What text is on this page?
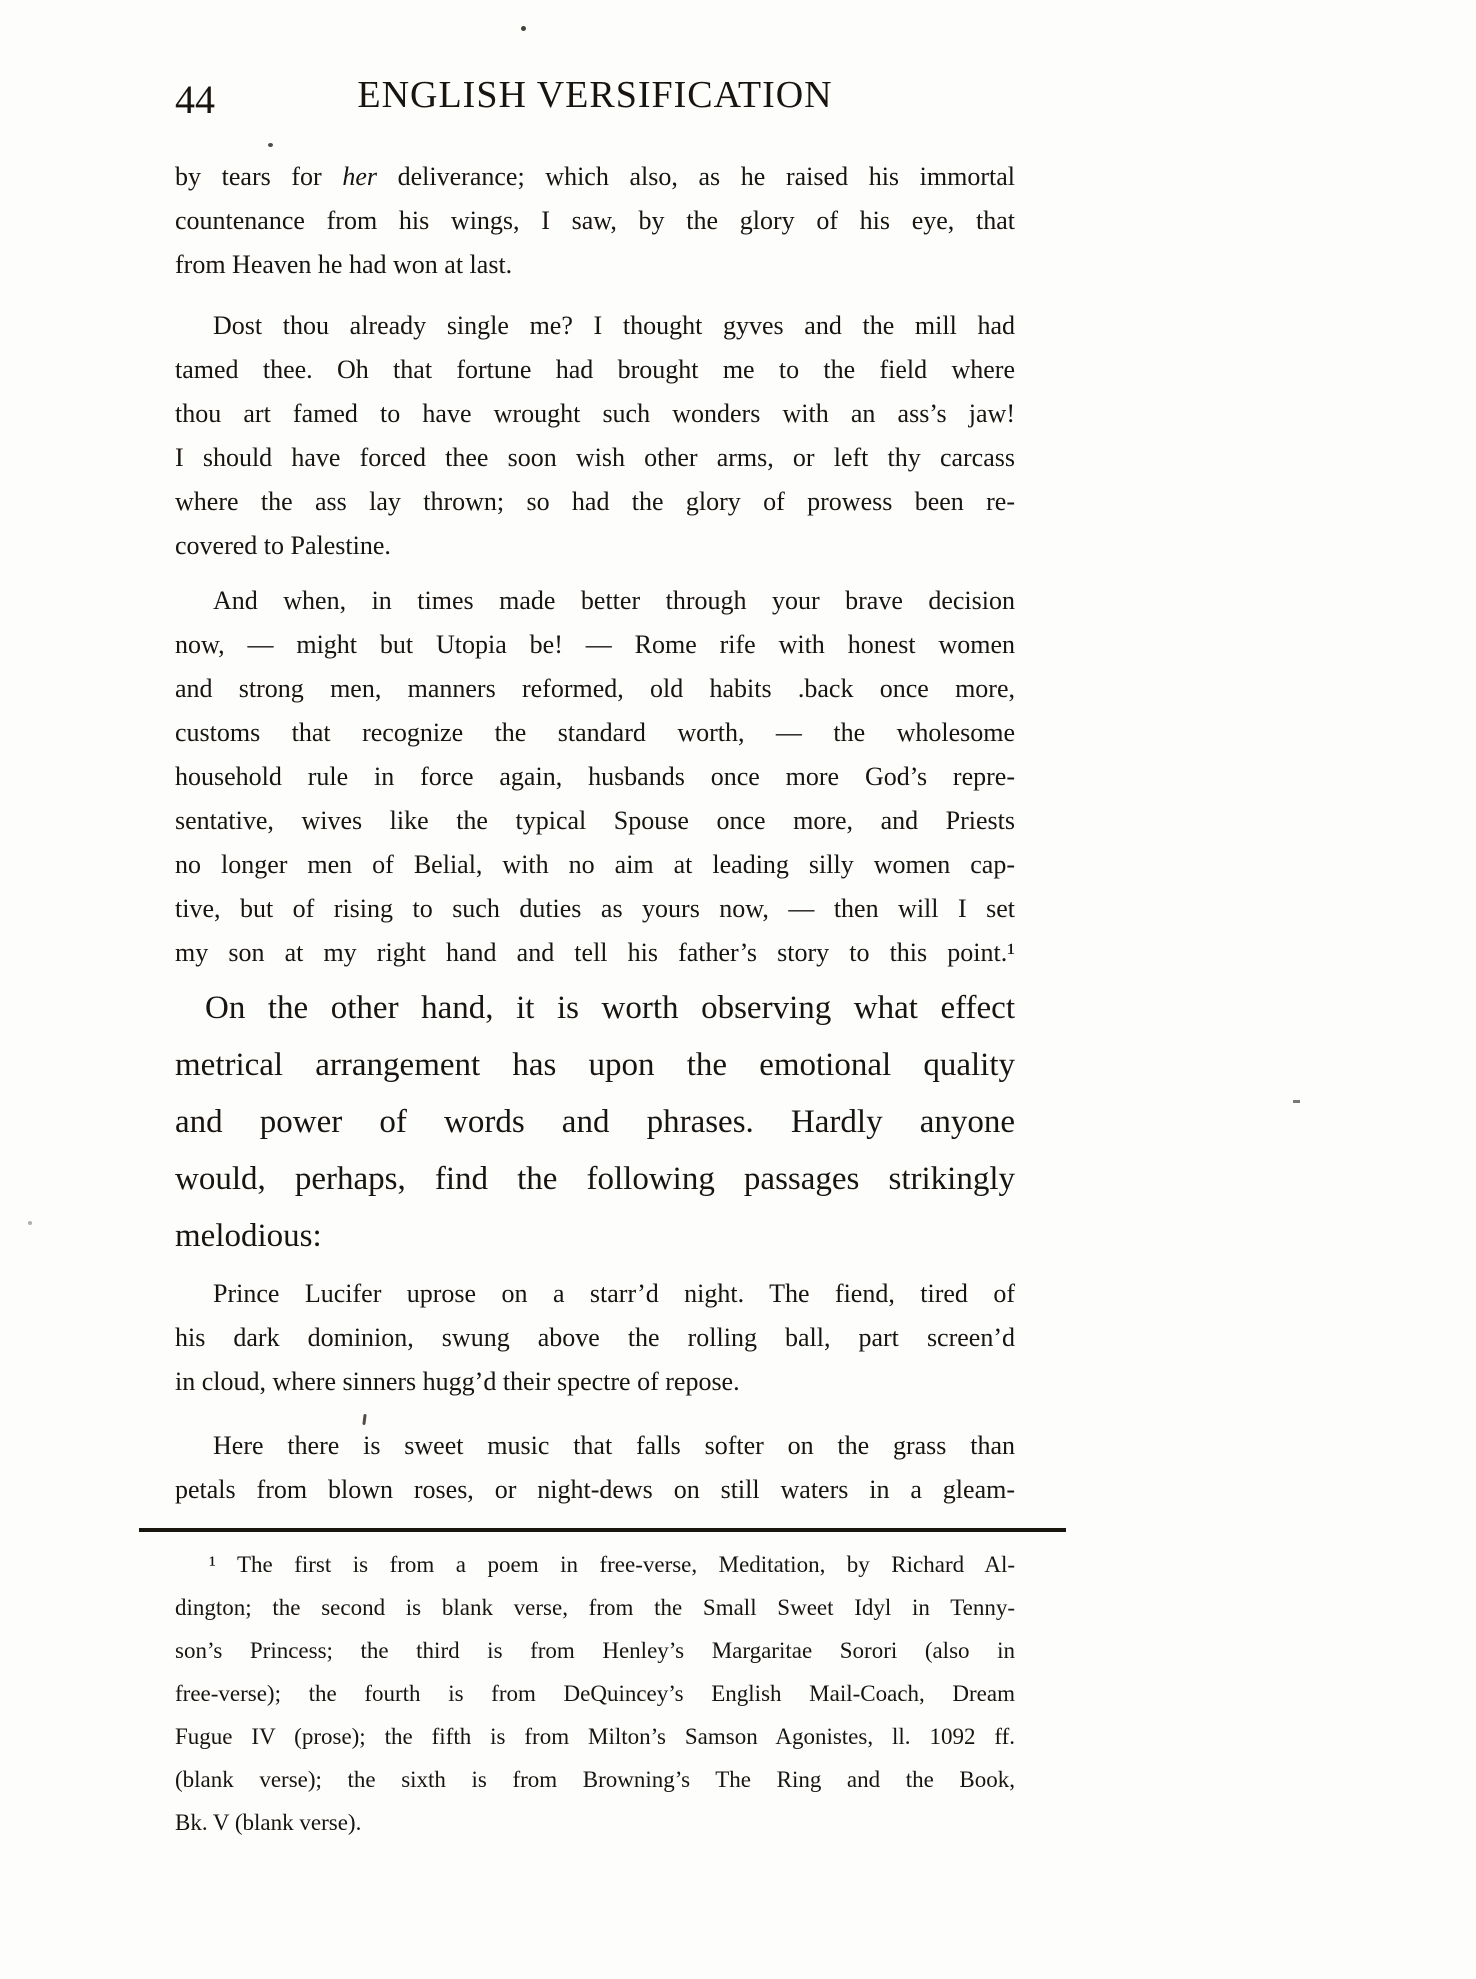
44	ENGLISH VERSIFICATION
by tears for her deliverance; which also, as he raised his immortal
countenance from his wings, I saw, by the glory of his eye, that
from Heaven he had won at last.
Dost thou already single me? I thought gyves and the mill had
tamed thee. Oh that fortune had brought me to the field where
thou art famed to have wrought such wonders with an ass’s jaw!
I should have forced thee soon wish other arms, or left thy carcass
where the ass lay thrown; so had the glory of prowess been re-
covered to Palestine.
And when, in times made better through your brave decision
now, — might but Utopia be! — Rome rife with honest women
and strong men, manners reformed, old habits .back once more,
customs that recognize the standard worth, — the wholesome
household rule in force again, husbands once more God’s repre-
sentative, wives like the typical Spouse once more, and Priests
no longer men of Belial, with no aim at leading silly women cap-
tive, but of rising to such duties as yours now, — then will I set
my son at my right hand and tell his father’s story to this point.¹
On the other hand, it is worth observing what effect
metrical arrangement has upon the emotional quality
and power of words and phrases. Hardly anyone
would, perhaps, find the following passages strikingly
melodious:
Prince Lucifer uprose on a starr’d night. The fiend, tired of
his dark dominion, swung above the rolling ball, part screen’d
in cloud, where sinners hugg’d their spectre of repose.
Here there is sweet music that falls softer on the grass than
petals from blown roses, or night-dews on still waters in a gleam-
¹ The first is from a poem in free-verse, Meditation, by Richard Al-
dington; the second is blank verse, from the Small Sweet Idyl in Tenny-
son’s Princess; the third is from Henley’s Margaritae Sorori (also in
free-verse); the fourth is from DeQuincey’s English Mail-Coach, Dream
Fugue IV (prose); the fifth is from Milton’s Samson Agonistes, ll. 1092 ff.
(blank verse); the sixth is from Browning’s The Ring and the Book,
Bk. V (blank verse).
